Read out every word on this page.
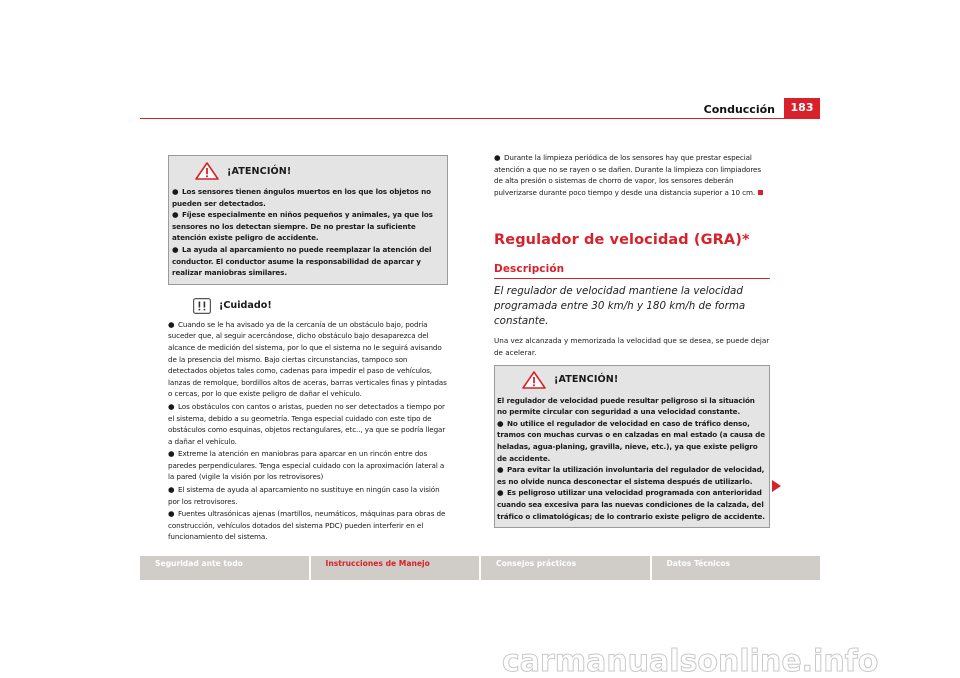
Conducción	183
¡ATENCIÓN!

● Los sensores tienen ángulos muertos en los que los objetos no pueden ser detectados.

● Fíjese especialmente en niños pequeños y animales, ya que los sensores no los detectan siempre. De no prestar la suficiente atención existe peligro de accidente.

● La ayuda al aparcamiento no puede reemplazar la atención del conductor. El conductor asume la responsabilidad de aparcar y realizar maniobras similares.

¡Cuidado!

● Cuando se le ha avisado ya de la cercanía de un obstáculo bajo, podría suceder que, al seguir acercándose, dicho obstáculo bajo desaparezca del alcance de medición del sistema, por lo que el sistema no le seguirá avisando de la presencia del mismo. Bajo ciertas circunstancias, tampoco son detectados objetos tales como, cadenas para impedir el paso de vehículos, lanzas de remolque, bordillos altos de aceras, barras verticales finas y pintadas o cercas, por lo que existe peligro de dañar el vehículo.

● Los obstáculos con cantos o aristas, pueden no ser detectados a tiempo por el sistema, debido a su geometría. Tenga especial cuidado con este tipo de obstáculos como esquinas, objetos rectangulares, etc.., ya que se podría llegar a dañar el vehículo.

● Extreme la atención en maniobras para aparcar en un rincón entre dos paredes perpendiculares. Tenga especial cuidado con la aproximación lateral a la pared (vigile la visión por los retrovisores)

● El sistema de ayuda al aparcamiento no sustituye en ningún caso la visión por los retrovisores.

● Fuentes ultrasónicas ajenas (martillos, neumáticos, máquinas para obras de construcción, vehículos dotados del sistema PDC) pueden interferir en el funcionamiento del sistema.

● Durante la limpieza periódica de los sensores hay que prestar especial atención a que no se rayen o se dañen. Durante la limpieza con limpiadores de alta presión o sistemas de chorro de vapor, los sensores deberán pulverizarse durante poco tiempo y desde una distancia superior a 10 cm.

Regulador de velocidad (GRA)*
Descripción

El regulador de velocidad mantiene la velocidad programada entre 30 km/h y 180 km/h de forma constante.

Una vez alcanzada y memorizada la velocidad que se desea, se puede dejar de acelerar.

¡ATENCIÓN!

El regulador de velocidad puede resultar peligroso si la situación no permite circular con seguridad a una velocidad constante.

● No utilice el regulador de velocidad en caso de tráfico denso, tramos con muchas curvas o en calzadas en mal estado (a causa de heladas, agua-planing, gravilla, nieve, etc.), ya que existe peligro de accidente.

● Para evitar la utilización involuntaria del regulador de velocidad, es no olvide nunca desconectar el sistema después de utilizarlo.

● Es peligroso utilizar una velocidad programada con anterioridad cuando sea excesiva para las nuevas condiciones de la calzada, del tráfico o climatológicas; de lo contrario existe peligro de accidente.

Seguridad ante todo	Instrucciones de Manejo	Consejos prácticos	Datos Técnicos
carmanualsonline.info
